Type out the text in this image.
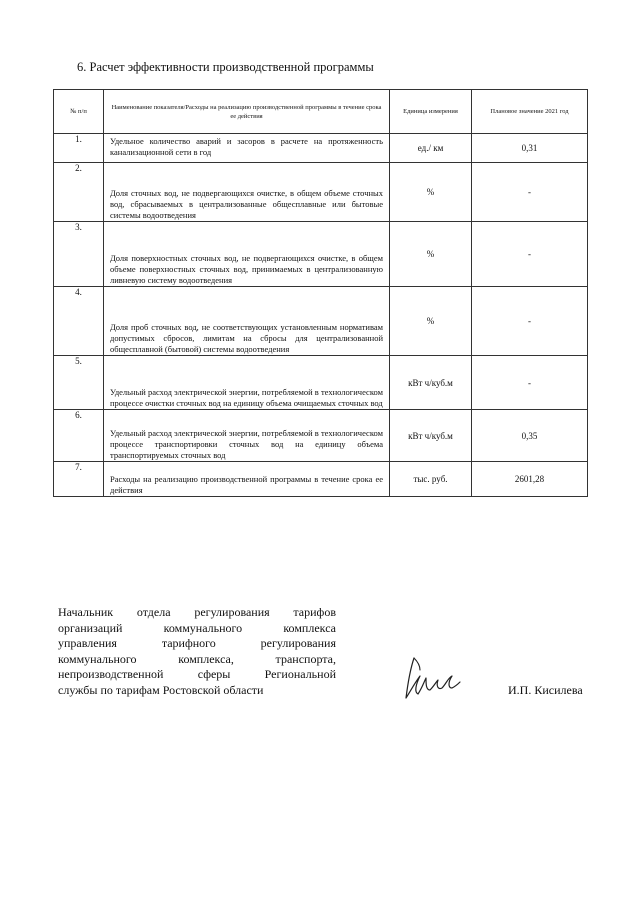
6. Расчет эффективности производственной программы
№ п/п	Наименование показателя/Расходы на реализацию производственной программы в течение срока ее действия	Единица измерения	Плановое значение 2021 год
1.	Удельное количество аварий и засоров в расчете на протяженность канализационной сети в год	ед./ км	0,31
2.	Доля сточных вод, не подвергающихся очистке, в общем объеме сточных вод, сбрасываемых в централизованные общесплавные или бытовые системы водоотведения	%	-
3.	Доля поверхностных сточных вод, не подвергающихся очистке, в общем объеме поверхностных сточных вод, принимаемых в централизованную ливневую систему водоотведения	%	-
4.	Доля проб сточных вод, не соответствующих установленным нормативам допустимых сбросов, лимитам на сбросы для централизованной общесплавной (бытовой) системы водоотведения	%	-
5.	Удельный расход электрической энергии, потребляемой в технологическом процессе очистки сточных вод на единицу объема очищаемых сточных вод	кВт ч/куб.м	-
6.	Удельный расход электрической энергии, потребляемой в технологическом процессе транспортировки сточных вод на единицу объема транспортируемых сточных вод	кВт ч/куб.м	0,35
7.	Расходы на реализацию производственной программы в течение срока ее действия	тыс. руб.	2601,28
Начальник отдела регулирования тарифов
организаций коммунального комплекса
управления тарифного регулирования
коммунального комплекса, транспорта,
непроизводственной сферы Региональной
службы по тарифам Ростовской области	И.П. Кисилева
